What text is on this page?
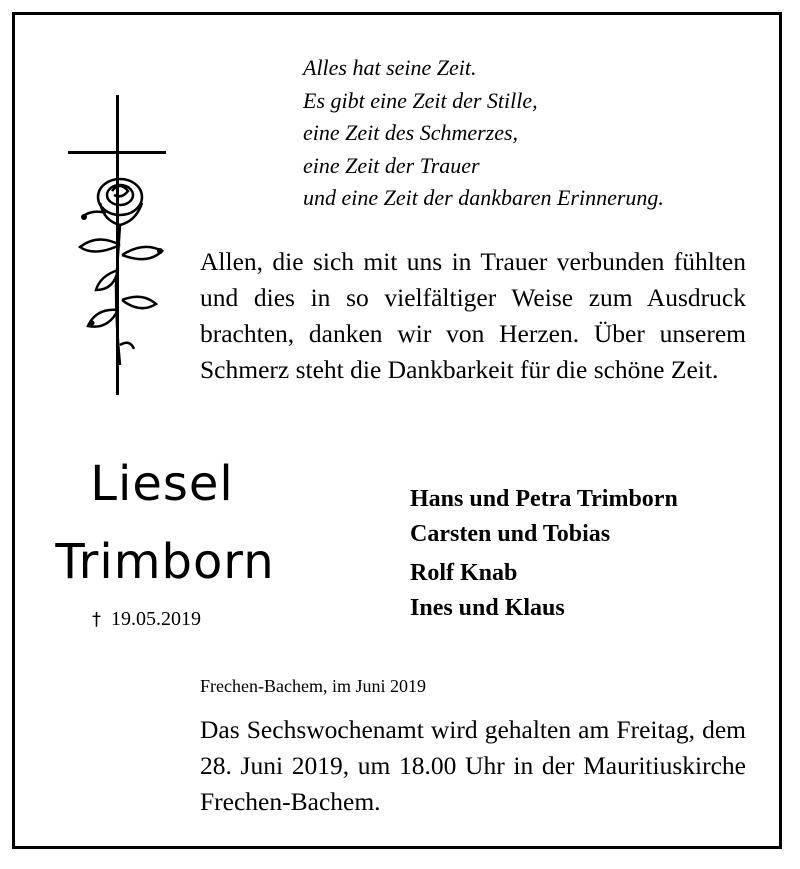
Alles hat seine Zeit.
Es gibt eine Zeit der Stille,
eine Zeit des Schmerzes,
eine Zeit der Trauer
und eine Zeit der dankbaren Erinnerung.
Allen, die sich mit uns in Trauer verbunden fühlten und dies in so vielfältiger Weise zum Ausdruck brachten, danken wir von Herzen. Über unserem Schmerz steht die Dankbarkeit für die schöne Zeit.
Liesel
Trimborn
† 19.05.2019
Hans und Petra Trimborn
Carsten und Tobias
Rolf Knab
Ines und Klaus
Frechen-Bachem, im Juni 2019
Das Sechswochenamt wird gehalten am Freitag, dem 28. Juni 2019, um 18.00 Uhr in der Mauritiuskirche Frechen-Bachem.
